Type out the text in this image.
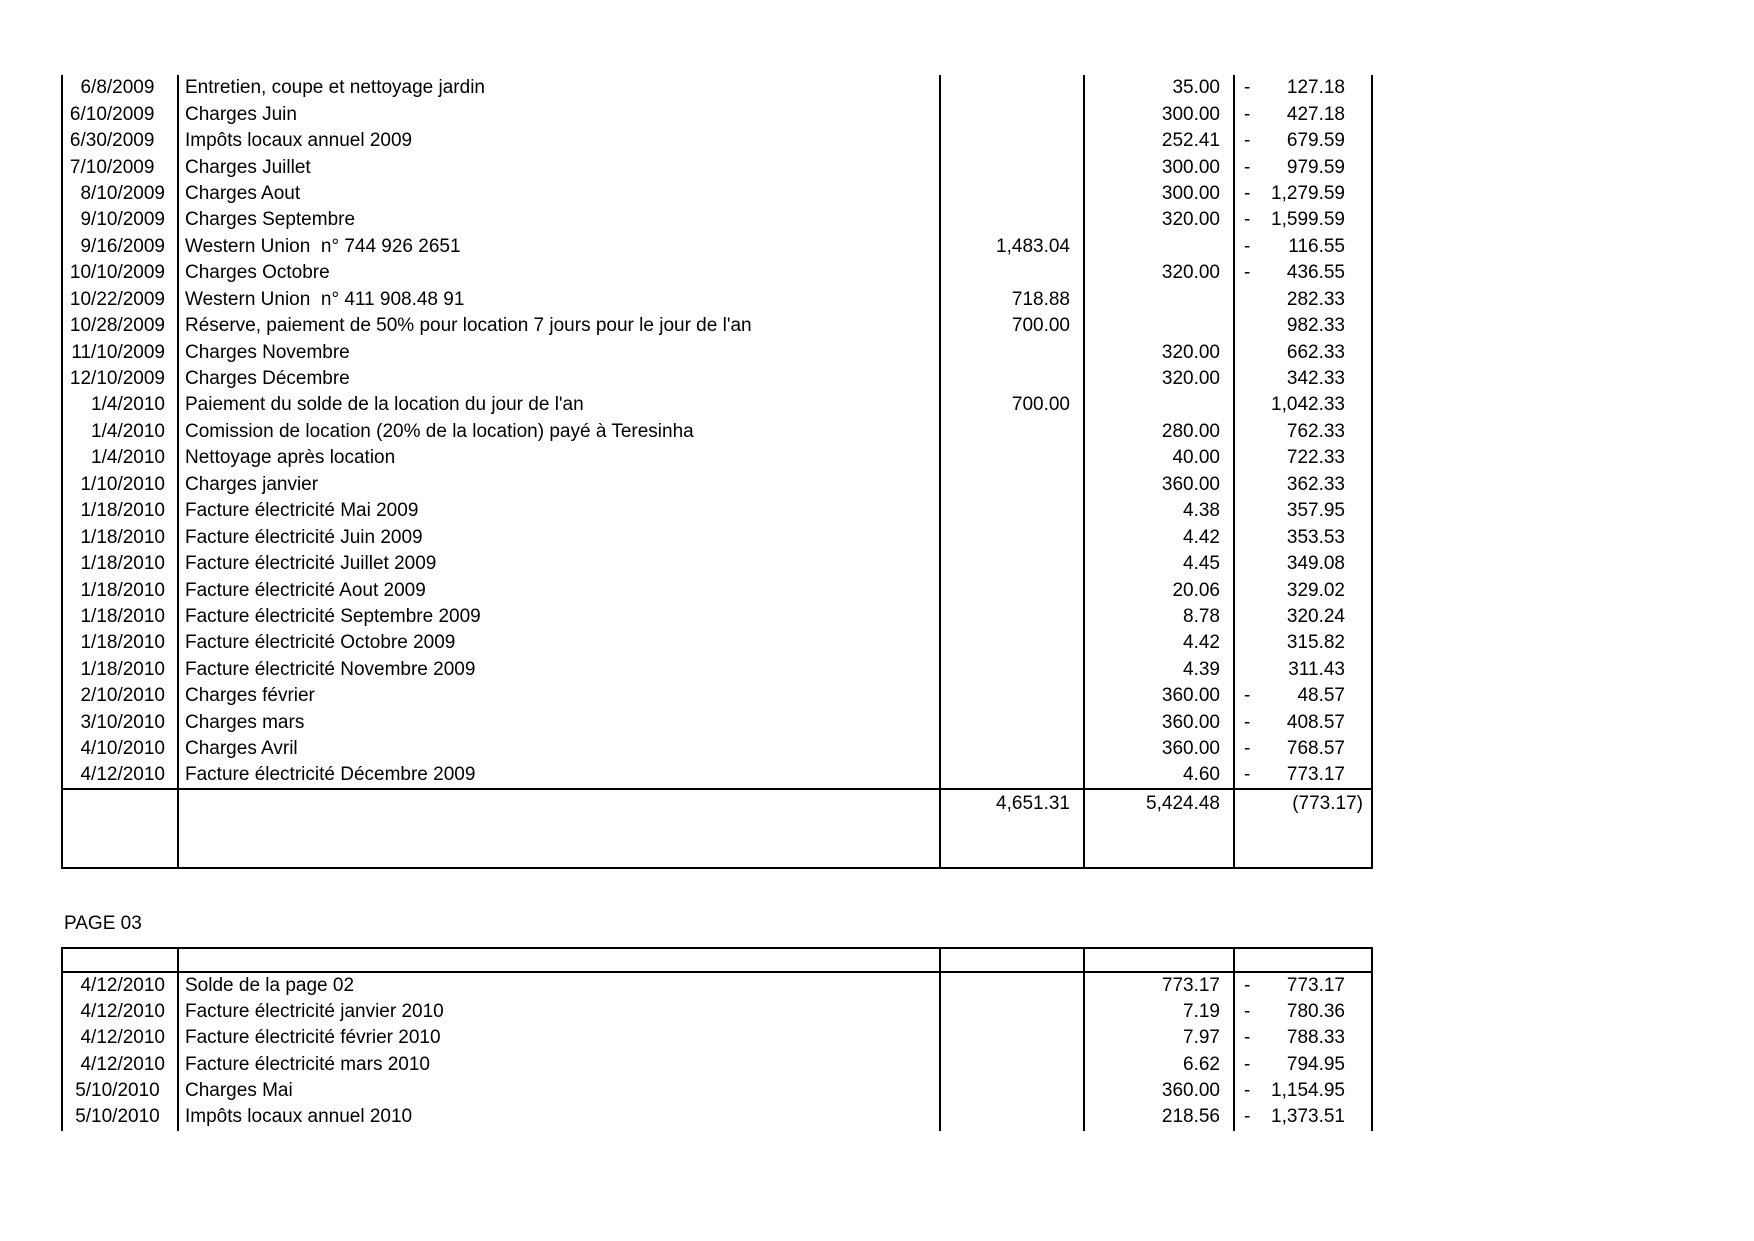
6/8/2009	Entretien, coupe et nettoyage jardin		35.00	- 127.18

6/10/2009	Charges Juin		300.00	- 427.18

6/30/2009	Impôts locaux annuel 2009		252.41	- 679.59

7/10/2009	Charges Juillet		300.00	- 979.59

8/10/2009	Charges Aout		300.00	- 1,279.59

9/10/2009	Charges Septembre		320.00	- 1,599.59

9/16/2009	Western Union  n° 744 926 2651	1,483.04		- 116.55

10/10/2009	Charges Octobre		320.00	- 436.55

10/22/2009	Western Union  n° 411 908.48 91	718.88		282.33

10/28/2009	Réserve, paiement de 50% pour location 7 jours pour le jour de l'an	700.00		982.33

11/10/2009	Charges Novembre		320.00	662.33

12/10/2009	Charges Décembre		320.00	342.33

1/4/2010	Paiement du solde de la location du jour de l'an	700.00		1,042.33

1/4/2010	Comission de location (20% de la location) payé à Teresinha		280.00	762.33

1/4/2010	Nettoyage après location		40.00	722.33

1/10/2010	Charges janvier		360.00	362.33

1/18/2010	Facture électricité Mai 2009		4.38	357.95

1/18/2010	Facture électricité Juin 2009		4.42	353.53

1/18/2010	Facture électricité Juillet 2009		4.45	349.08

1/18/2010	Facture électricité Aout 2009		20.06	329.02

1/18/2010	Facture électricité Septembre 2009		8.78	320.24

1/18/2010	Facture électricité Octobre 2009		4.42	315.82

1/18/2010	Facture électricité Novembre 2009		4.39	311.43

2/10/2010	Charges février		360.00	- 48.57

3/10/2010	Charges mars		360.00	- 408.57

4/10/2010	Charges Avril		360.00	- 768.57

4/12/2010	Facture électricité Décembre 2009		4.60	- 773.17

		4,651.31	5,424.48	(773.17)

PAGE 03

4/12/2010	Solde de la page 02		773.17	- 773.17

4/12/2010	Facture électricité janvier 2010		7.19	- 780.36

4/12/2010	Facture électricité février 2010		7.97	- 788.33

4/12/2010	Facture électricité mars 2010		6.62	- 794.95

5/10/2010	Charges Mai		360.00	- 1,154.95

5/10/2010	Impôts locaux annuel 2010		218.56	- 1,373.51
